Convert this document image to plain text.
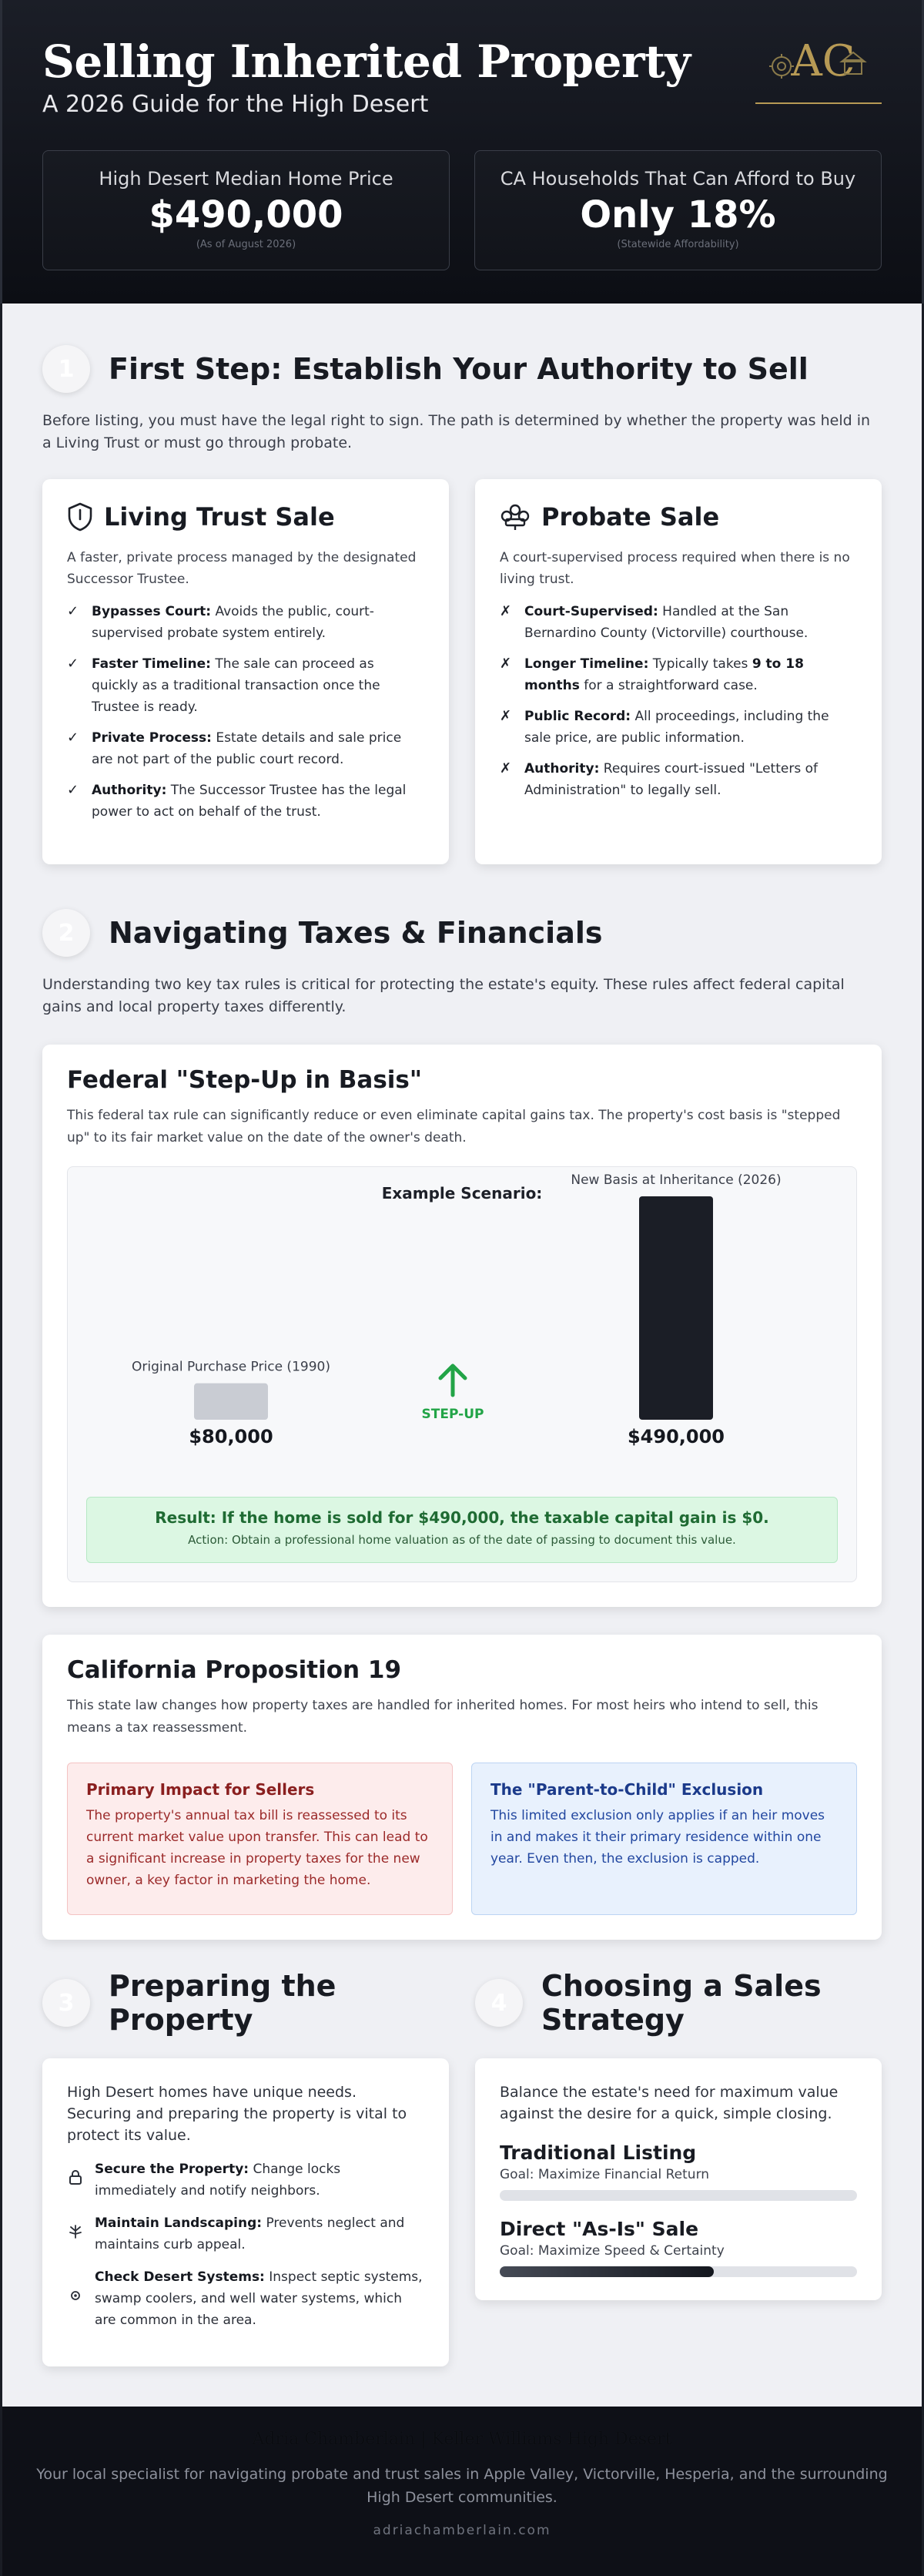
Selling Inherited Property
A 2026 Guide for the High Desert
AC
High Desert Median Home Price
$490,000
(As of August 2026)
CA Households That Can Afford to Buy
Only 18%
(Statewide Affordability)
1	First Step: Establish Your Authority to Sell

Before listing, you must have the legal right to sign. The path is determined by whether the property was held in a Living Trust or must go through probate.

Living Trust Sale

A faster, private process managed by the designated Successor Trustee.

✓ Bypasses Court: Avoids the public, court-supervised probate system entirely.
✓ Faster Timeline: The sale can proceed as quickly as a traditional transaction once the Trustee is ready.
✓ Private Process: Estate details and sale price are not part of the public court record.
✓ Authority: The Successor Trustee has the legal power to act on behalf of the trust.
Probate Sale

A court-supervised process required when there is no living trust.

✗ Court-Supervised: Handled at the San Bernardino County (Victorville) courthouse.
✗ Longer Timeline: Typically takes 9 to 18 months for a straightforward case.
✗ Public Record: All proceedings, including the sale price, are public information.
✗ Authority: Requires court-issued "Letters of Administration" to legally sell.
2	Navigating Taxes & Financials

Understanding two key tax rules is critical for protecting the estate's equity. These rules affect federal capital gains and local property taxes differently.

Federal "Step-Up in Basis"

This federal tax rule can significantly reduce or even eliminate capital gains tax. The property's cost basis is "stepped up" to its fair market value on the date of the owner's death.

Example Scenario:
Original Purchase Price (1990)
$80,000
New Basis at Inheritance (2026)
$490,000
STEP-UP
Result: If the home is sold for $490,000, the taxable capital gain is $0.
Action: Obtain a professional home valuation as of the date of passing to document this value.
California Proposition 19

This state law changes how property taxes are handled for inherited homes. For most heirs who intend to sell, this means a tax reassessment.

Primary Impact for Sellers

The property's annual tax bill is reassessed to its current market value upon transfer. This can lead to a significant increase in property taxes for the new owner, a key factor in marketing the home.

The "Parent-to-Child" Exclusion

This limited exclusion only applies if an heir moves in and makes it their primary residence within one year. Even then, the exclusion is capped.

3	Preparing the Property

High Desert homes have unique needs. Securing and preparing the property is vital to protect its value.

Secure the Property: Change locks immediately and notify neighbors.
Maintain Landscaping: Prevents neglect and maintains curb appeal.
Check Desert Systems: Inspect septic systems, swamp coolers, and well water systems, which are common in the area.
4	Choosing a Sales Strategy

Balance the estate's need for maximum value against the desire for a quick, simple closing.

Traditional Listing
Goal: Maximize Financial Return
Direct "As-Is" Sale
Goal: Maximize Speed & Certainty
Adria Chamberlain | Keller Williams High Desert
Your local specialist for navigating probate and trust sales in Apple Valley, Victorville, Hesperia, and the surrounding High Desert communities.
adriachamberlain.com
